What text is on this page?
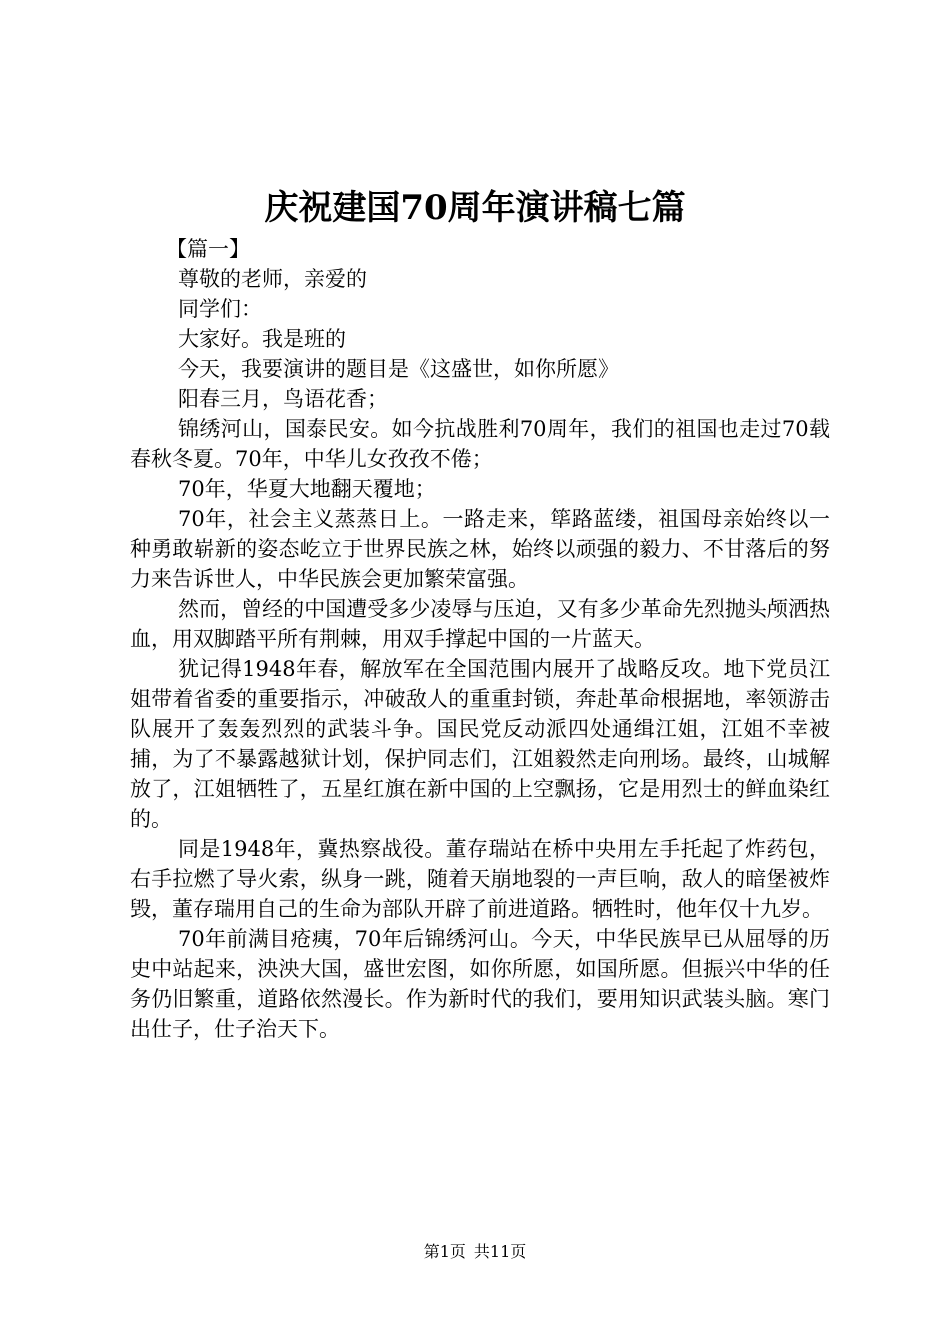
庆祝建国70周年演讲稿七篇

【篇一】

尊敬的老师，亲爱的

同学们：

大家好。我是班的

今天，我要演讲的题目是《这盛世，如你所愿》

阳春三月，鸟语花香；

锦绣河山，国泰民安。如今抗战胜利70周年，我们的祖国也走过70载春秋冬夏。70年，中华儿女孜孜不倦；

70年，华夏大地翻天覆地；

70年，社会主义蒸蒸日上。一路走来，筚路蓝缕，祖国母亲始终以一种勇敢崭新的姿态屹立于世界民族之林，始终以顽强的毅力、不甘落后的努力来告诉世人，中华民族会更加繁荣富强。

然而，曾经的中国遭受多少凌辱与压迫，又有多少革命先烈抛头颅洒热血，用双脚踏平所有荆棘，用双手撑起中国的一片蓝天。

犹记得1948年春，解放军在全国范围内展开了战略反攻。地下党员江姐带着省委的重要指示，冲破敌人的重重封锁，奔赴革命根据地，率领游击队展开了轰轰烈烈的武装斗争。国民党反动派四处通缉江姐，江姐不幸被捕，为了不暴露越狱计划，保护同志们，江姐毅然走向刑场。最终，山城解放了，江姐牺牲了，五星红旗在新中国的上空飘扬，它是用烈士的鲜血染红的。

同是1948年，冀热察战役。董存瑞站在桥中央用左手托起了炸药包，右手拉燃了导火索，纵身一跳，随着天崩地裂的一声巨响，敌人的暗堡被炸毁，董存瑞用自己的生命为部队开辟了前进道路。牺牲时，他年仅十九岁。

70年前满目疮痍，70年后锦绣河山。今天，中华民族早已从屈辱的历史中站起来，泱泱大国，盛世宏图，如你所愿，如国所愿。但振兴中华的任务仍旧繁重，道路依然漫长。作为新时代的我们，要用知识武装头脑。寒门出仕子，仕子治天下。

第1页 共11页
